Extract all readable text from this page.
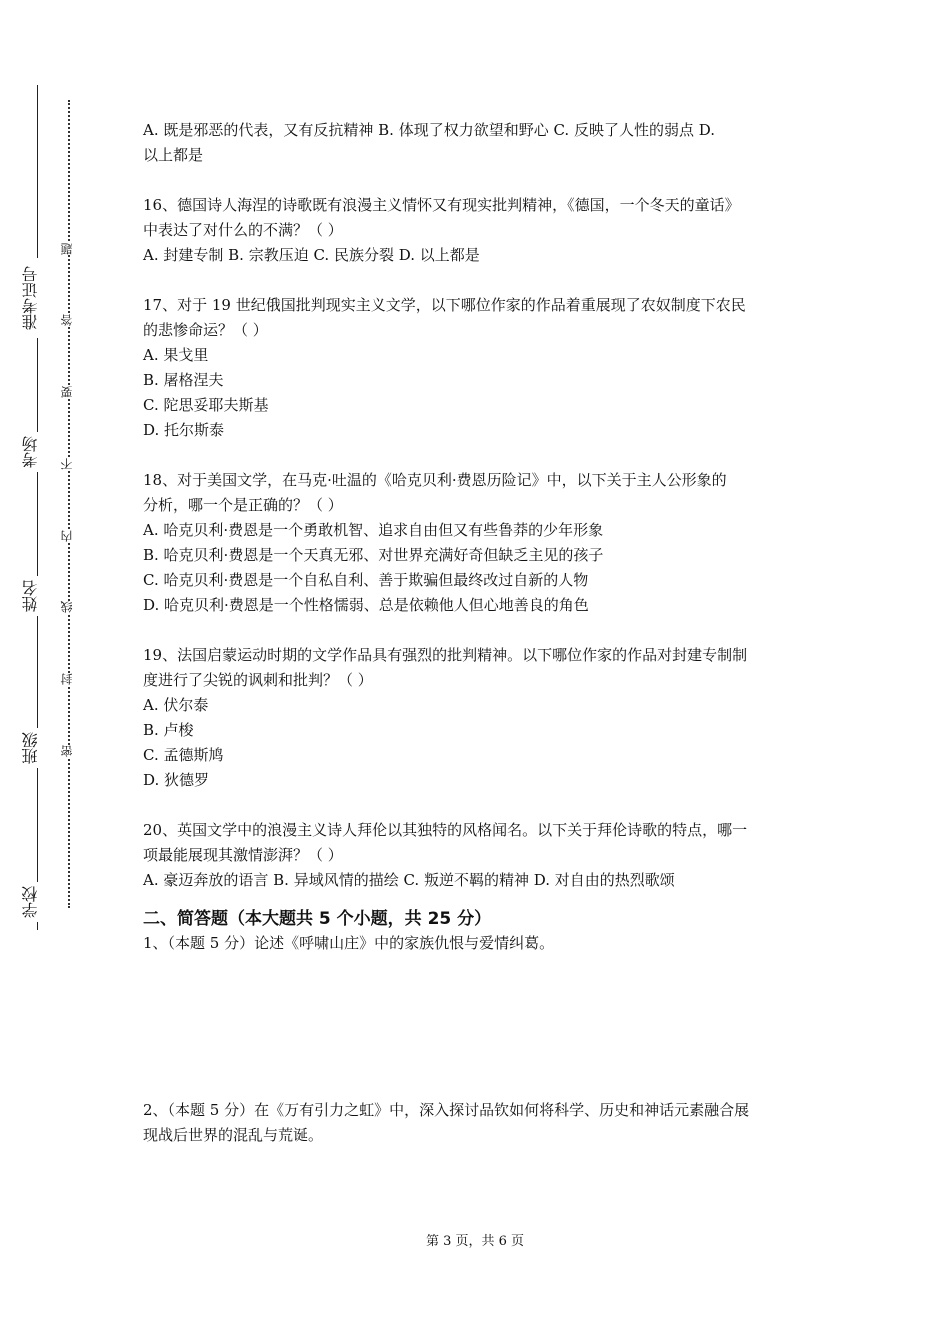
准考证号
考场
姓名
班级
学校
题
答
要
不
内
线
封
密

A. 既是邪恶的代表，又有反抗精神 B. 体现了权力欲望和野心 C. 反映了人性的弱点 D.

以上都是

16、德国诗人海涅的诗歌既有浪漫主义情怀又有现实批判精神，《德国，一个冬天的童话》

中表达了对什么的不满？（ ）

A. 封建专制 B. 宗教压迫 C. 民族分裂 D. 以上都是

17、对于 19 世纪俄国批判现实主义文学，以下哪位作家的作品着重展现了农奴制度下农民

的悲惨命运？（ ）

A. 果戈里

B. 屠格涅夫

C. 陀思妥耶夫斯基

D. 托尔斯泰

18、对于美国文学，在马克·吐温的《哈克贝利·费恩历险记》中，以下关于主人公形象的

分析，哪一个是正确的？（ ）

A. 哈克贝利·费恩是一个勇敢机智、追求自由但又有些鲁莽的少年形象

B. 哈克贝利·费恩是一个天真无邪、对世界充满好奇但缺乏主见的孩子

C. 哈克贝利·费恩是一个自私自利、善于欺骗但最终改过自新的人物

D. 哈克贝利·费恩是一个性格懦弱、总是依赖他人但心地善良的角色

19、法国启蒙运动时期的文学作品具有强烈的批判精神。以下哪位作家的作品对封建专制制

度进行了尖锐的讽刺和批判？（ ）

A. 伏尔泰

B. 卢梭

C. 孟德斯鸠

D. 狄德罗

20、英国文学中的浪漫主义诗人拜伦以其独特的风格闻名。以下关于拜伦诗歌的特点，哪一

项最能展现其激情澎湃？（ ）

A. 豪迈奔放的语言 B. 异域风情的描绘 C. 叛逆不羁的精神 D. 对自由的热烈歌颂

二、简答题（本大题共 5 个小题，共 25 分）

1、（本题 5 分）论述《呼啸山庄》中的家族仇恨与爱情纠葛。

2、（本题 5 分）在《万有引力之虹》中，深入探讨品钦如何将科学、历史和神话元素融合展

现战后世界的混乱与荒诞。

第 3 页，共 6 页
